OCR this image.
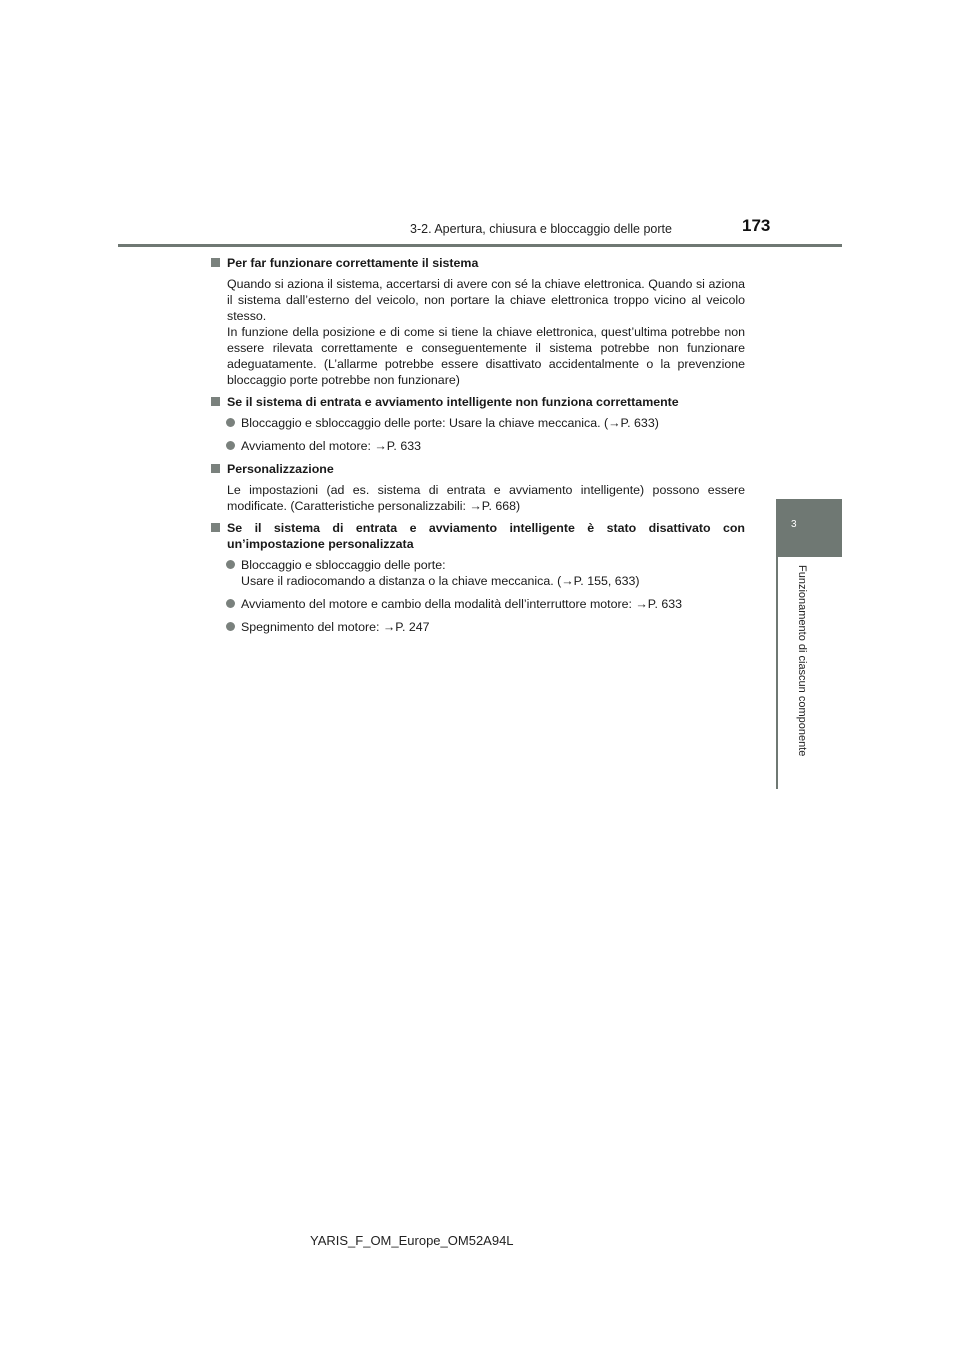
3-2. Apertura, chiusura e bloccaggio delle porte	173
3
Funzionamento di ciascun componente
Per far funzionare correttamente il sistema
Quando si aziona il sistema, accertarsi di avere con sé la chiave elettronica. Quando si azionа il sistema dall’esterno del veicolo, non portare la chiave elettronica troppo vicino al veicolo stesso.
In funzione della posizione e di come si tiene la chiave elettronica, quest’ultima potrebbe non essere rilevata correttamente e conseguentemente il sistema potrebbe non funzionare adeguatamente. (L’allarme potrebbe essere disattivato accidentalmente o la prevenzione bloccaggio porte potrebbe non funzionare)
Se il sistema di entrata e avviamento intelligente non funziona correttamente
Bloccaggio e sbloccaggio delle porte: Usare la chiave meccanica. (→P. 633)
Avviamento del motore: →P. 633
Personalizzazione
Le impostazioni (ad es. sistema di entrata e avviamento intelligente) possono essere modificate. (Caratteristiche personalizzabili: →P. 668)
Se il sistema di entrata e avviamento intelligente è stato disattivato con un’impostazione personalizzata
Bloccaggio e sbloccaggio delle porte:
Usare il radiocomando a distanza o la chiave meccanica. (→P. 155, 633)
Avviamento del motore e cambio della modalità dell’interruttore motore: →P. 633
Spegnimento del motore: →P. 247
YARIS_F_OM_Europe_OM52A94L
